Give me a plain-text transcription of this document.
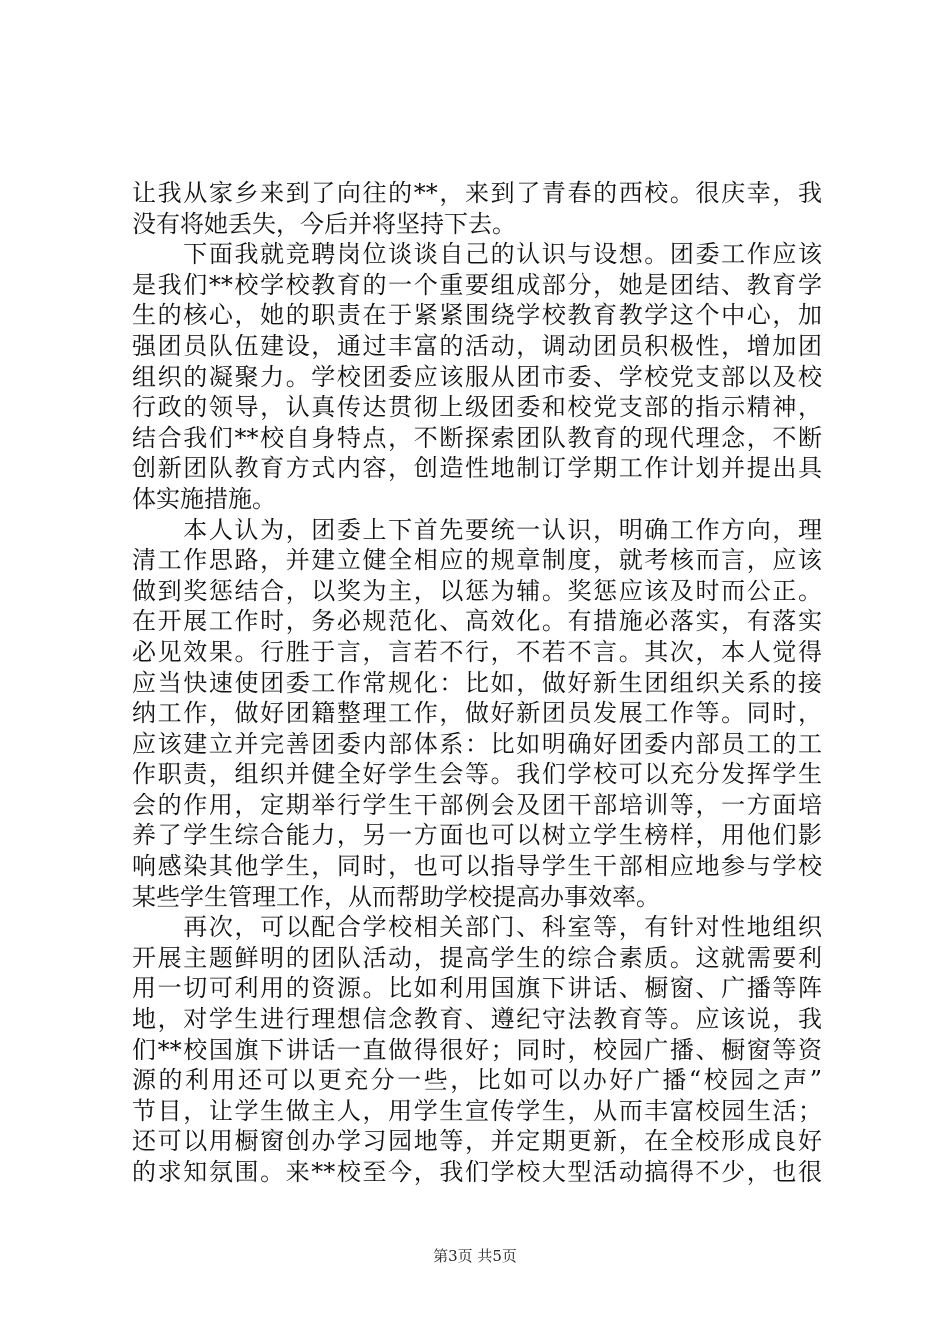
让我从家乡来到了向往的**，来到了青春的西校。很庆幸，我
没有将她丢失，今后并将坚持下去。
　　下面我就竞聘岗位谈谈自己的认识与设想。团委工作应该
是我们**校学校教育的一个重要组成部分，她是团结、教育学
生的核心，她的职责在于紧紧围绕学校教育教学这个中心，加
强团员队伍建设，通过丰富的活动，调动团员积极性，增加团
组织的凝聚力。学校团委应该服从团市委、学校党支部以及校
行政的领导，认真传达贯彻上级团委和校党支部的指示精神，
结合我们**校自身特点，不断探索团队教育的现代理念，不断
创新团队教育方式内容，创造性地制订学期工作计划并提出具
体实施措施。
　　本人认为，团委上下首先要统一认识，明确工作方向，理
清工作思路，并建立健全相应的规章制度，就考核而言，应该
做到奖惩结合，以奖为主，以惩为辅。奖惩应该及时而公正。
在开展工作时，务必规范化、高效化。有措施必落实，有落实
必见效果。行胜于言，言若不行，不若不言。其次，本人觉得
应当快速使团委工作常规化：比如，做好新生团组织关系的接
纳工作，做好团籍整理工作，做好新团员发展工作等。同时，
应该建立并完善团委内部体系：比如明确好团委内部员工的工
作职责，组织并健全好学生会等。我们学校可以充分发挥学生
会的作用，定期举行学生干部例会及团干部培训等，一方面培
养了学生综合能力，另一方面也可以树立学生榜样，用他们影
响感染其他学生，同时，也可以指导学生干部相应地参与学校
某些学生管理工作，从而帮助学校提高办事效率。
　　再次，可以配合学校相关部门、科室等，有针对性地组织
开展主题鲜明的团队活动，提高学生的综合素质。这就需要利
用一切可利用的资源。比如利用国旗下讲话、橱窗、广播等阵
地，对学生进行理想信念教育、遵纪守法教育等。应该说，我
们**校国旗下讲话一直做得很好；同时，校园广播、橱窗等资
源的利用还可以更充分一些，比如可以办好广播“校园之声”
节目，让学生做主人，用学生宣传学生，从而丰富校园生活；
还可以用橱窗创办学习园地等，并定期更新，在全校形成良好
的求知氛围。来**校至今，我们学校大型活动搞得不少，也很
第3页 共5页
